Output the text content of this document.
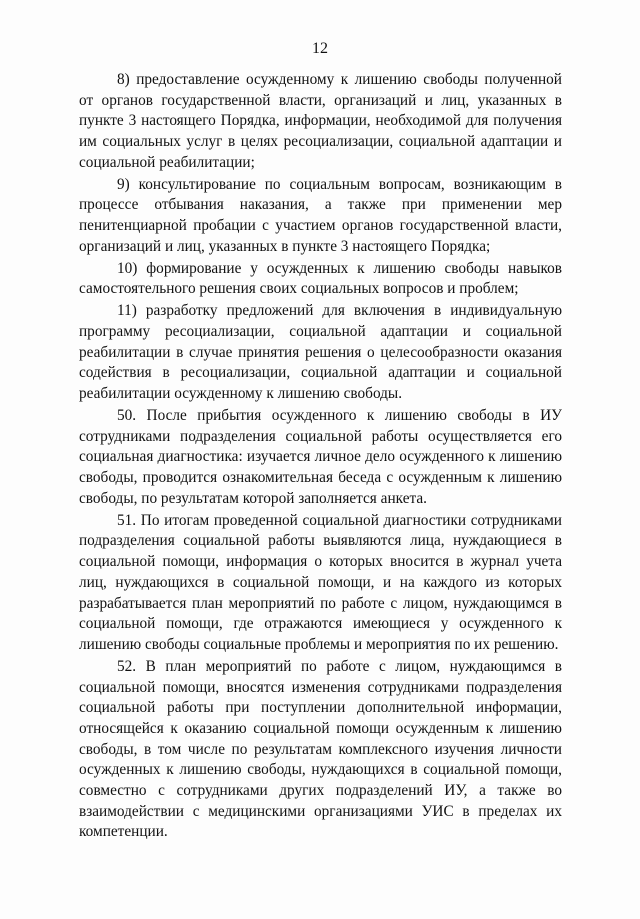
12

8) предоставление осужденному к лишению свободы полученной от органов государственной власти, организаций и лиц, указанных в пункте 3 настоящего Порядка, информации, необходимой для получения им социальных услуг в целях ресоциализации, социальной адаптации и социальной реабилитации;

9) консультирование по социальным вопросам, возникающим в процессе отбывания наказания, а также при применении мер пенитенциарной пробации с участием органов государственной власти, организаций и лиц, указанных в пункте 3 настоящего Порядка;

10) формирование у осужденных к лишению свободы навыков самостоятельного решения своих социальных вопросов и проблем;

11) разработку предложений для включения в индивидуальную программу ресоциализации, социальной адаптации и социальной реабилитации в случае принятия решения о целесообразности оказания содействия в ресоциализации, социальной адаптации и социальной реабилитации осужденному к лишению свободы.

50. После прибытия осужденного к лишению свободы в ИУ сотрудниками подразделения социальной работы осуществляется его социальная диагностика: изучается личное дело осужденного к лишению свободы, проводится ознакомительная беседа с осужденным к лишению свободы, по результатам которой заполняется анкета.

51. По итогам проведенной социальной диагностики сотрудниками подразделения социальной работы выявляются лица, нуждающиеся в социальной помощи, информация о которых вносится в журнал учета лиц, нуждающихся в социальной помощи, и на каждого из которых разрабатывается план мероприятий по работе с лицом, нуждающимся в социальной помощи, где отражаются имеющиеся у осужденного к лишению свободы социальные проблемы и мероприятия по их решению.

52. В план мероприятий по работе с лицом, нуждающимся в социальной помощи, вносятся изменения сотрудниками подразделения социальной работы при поступлении дополнительной информации, относящейся к оказанию социальной помощи осужденным к лишению свободы, в том числе по результатам комплексного изучения личности осужденных к лишению свободы, нуждающихся в социальной помощи, совместно с сотрудниками других подразделений ИУ, а также во взаимодействии с медицинскими организациями УИС в пределах их компетенции.
